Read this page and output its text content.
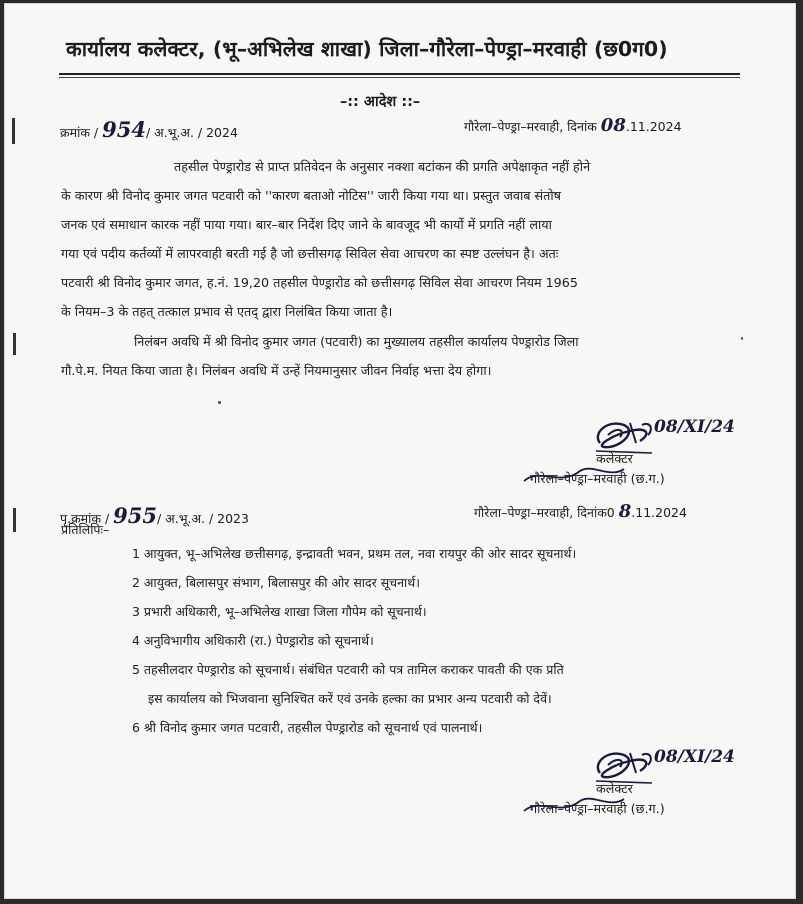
कार्यालय कलेक्टर, (भू–अभिलेख शाखा) जिला–गौरेला–पेण्ड्रा–मरवाही (छ0ग0)
–:: आदेश ::–
क्रमांक / 954/ अ.भू.अ. / 2024	गौरेला–पेण्ड्रा–मरवाही, दिनांक 08.11.2024
तहसील पेण्ड्रारोड से प्राप्त प्रतिवेदन के अनुसार नक्शा बटांकन की प्रगति अपेक्षाकृत नहीं होने
के कारण श्री विनोद कुमार जगत पटवारी को ''कारण बताओ नोटिस'' जारी किया गया था। प्रस्तुत जवाब संतोष
जनक एवं समाधान कारक नहीं पाया गया। बार–बार निर्देश दिए जाने के बावजूद भी कार्यो में प्रगति नहीं लाया
गया एवं पदीय कर्तव्यों में लापरवाही बरती गई है जो छत्तीसगढ़ सिविल सेवा आचरण का स्पष्ट उल्लंघन है। अतः
पटवारी श्री विनोद कुमार जगत, ह.नं. 19,20 तहसील पेण्ड्रारोड को छत्तीसगढ़ सिविल सेवा आचरण नियम 1965
के नियम–3 के तहत् तत्काल प्रभाव से एतद् द्वारा निलंबित किया जाता है।
निलंबन अवधि में श्री विनोद कुमार जगत (पटवारी) का मुख्यालय तहसील कार्यालय पेण्ड्रारोड जिला
गौ.पे.म. नियत किया जाता है। निलंबन अवधि में उन्हें नियमानुसार जीवन निर्वाह भत्ता देय होगा।
08/XI/24
कलेक्टर
गौरेला–पेण्ड्रा–मरवाही (छ.ग.)
पृ.क्रमांक / 955/ अ.भू.अ. / 2023	गौरेला–पेण्ड्रा–मरवाही, दिनांक0 8.11.2024
प्रतिलिपिः–
1 आयुक्त, भू–अभिलेख छत्तीसगढ़, इन्द्रावती भवन, प्रथम तल, नवा रायपुर की ओर सादर सूचनार्थ।
2 आयुक्त, बिलासपुर संभाग, बिलासपुर की ओर सादर सूचनार्थ।
3 प्रभारी अधिकारी, भू–अभिलेख शाखा जिला गौपेम को सूचनार्थ।
4 अनुविभागीय अधिकारी (रा.) पेण्ड्रारोड को सूचनार्थ।
5 तहसीलदार पेण्ड्रारोड को सूचनार्थ। संबंधित पटवारी को पत्र तामिल कराकर पावती की एक प्रति
इस कार्यालय को भिजवाना सुनिश्चित करें एवं उनके हल्का का प्रभार अन्य पटवारी को देवें।
6 श्री विनोद कुमार जगत पटवारी, तहसील पेण्ड्रारोड को सूचनार्थ एवं पालनार्थ।
08/XI/24
कलेक्टर
गौरेला–पेण्ड्रा–मरवाही (छ.ग.)
